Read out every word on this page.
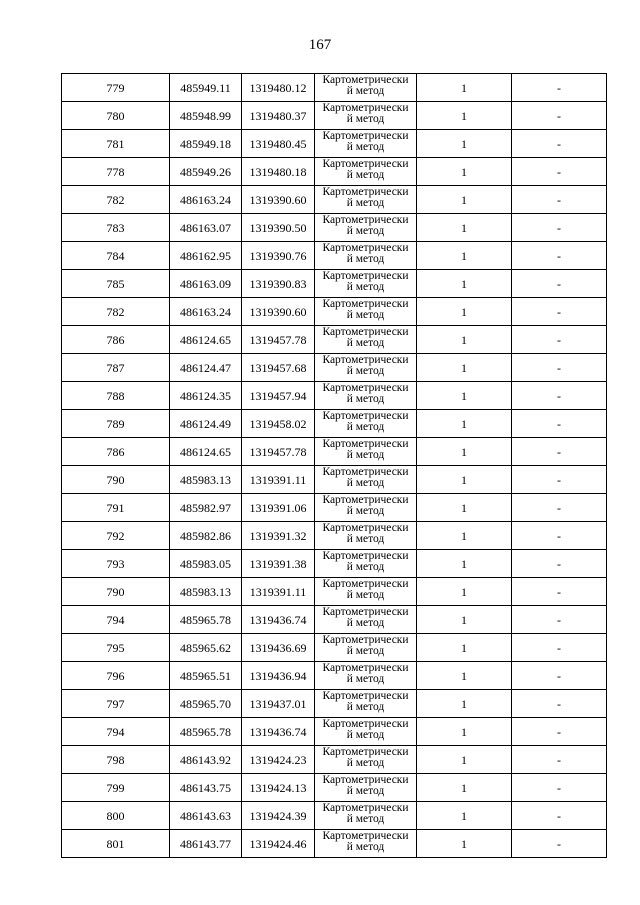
167
779	485949.11	1319480.12	Картометрически
й метод	1	-
780	485948.99	1319480.37	Картометрически
й метод	1	-
781	485949.18	1319480.45	Картометрически
й метод	1	-
778	485949.26	1319480.18	Картометрически
й метод	1	-
782	486163.24	1319390.60	Картометрически
й метод	1	-
783	486163.07	1319390.50	Картометрически
й метод	1	-
784	486162.95	1319390.76	Картометрически
й метод	1	-
785	486163.09	1319390.83	Картометрически
й метод	1	-
782	486163.24	1319390.60	Картометрически
й метод	1	-
786	486124.65	1319457.78	Картометрически
й метод	1	-
787	486124.47	1319457.68	Картометрически
й метод	1	-
788	486124.35	1319457.94	Картометрически
й метод	1	-
789	486124.49	1319458.02	Картометрически
й метод	1	-
786	486124.65	1319457.78	Картометрически
й метод	1	-
790	485983.13	1319391.11	Картометрически
й метод	1	-
791	485982.97	1319391.06	Картометрически
й метод	1	-
792	485982.86	1319391.32	Картометрически
й метод	1	-
793	485983.05	1319391.38	Картометрически
й метод	1	-
790	485983.13	1319391.11	Картометрически
й метод	1	-
794	485965.78	1319436.74	Картометрически
й метод	1	-
795	485965.62	1319436.69	Картометрически
й метод	1	-
796	485965.51	1319436.94	Картометрически
й метод	1	-
797	485965.70	1319437.01	Картометрически
й метод	1	-
794	485965.78	1319436.74	Картометрически
й метод	1	-
798	486143.92	1319424.23	Картометрически
й метод	1	-
799	486143.75	1319424.13	Картометрически
й метод	1	-
800	486143.63	1319424.39	Картометрически
й метод	1	-
801	486143.77	1319424.46	Картометрически
й метод	1	-
